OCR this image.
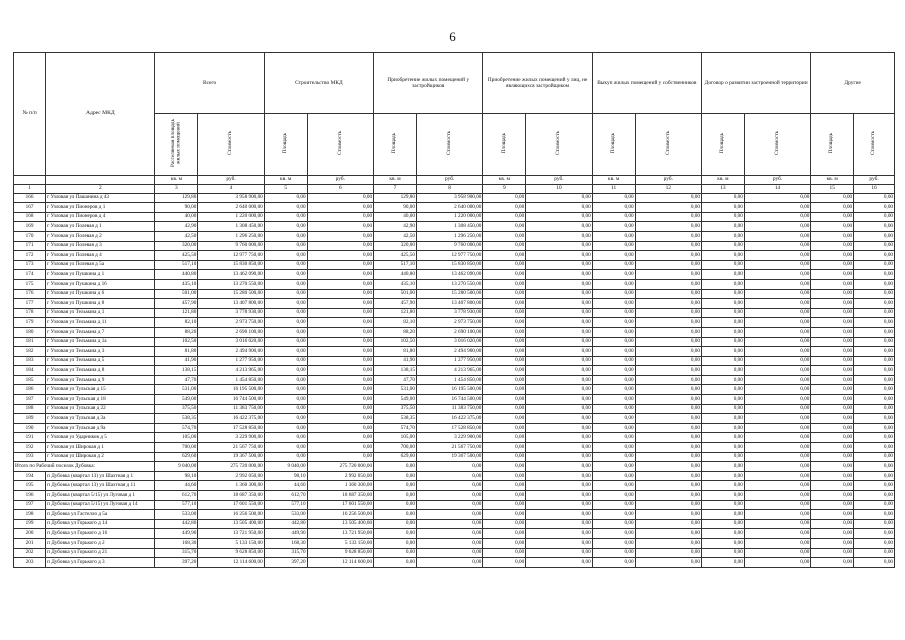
6
№ п/п	Адрес МКД	Всего		Строительство МКД		Приобретение жилых помещений у застройщиков		Приобретение жилых помещений у лиц, не являющихся застройщиком		Выкуп жилых помещений у собственников		Договор о развитии застроенной территории		Другие	
		Расселяемая площадь жилых помещений	Стоимость	Площадь	Стоимость	Площадь	Стоимость	Площадь	Стоимость	Площадь	Стоимость	Площадь	Стоимость	Площадь	Стоимость
		кв. м	руб.	кв. м	руб.	кв. м	руб.	кв. м	руб.	кв. м	руб.	кв. м	руб.	кв. м	руб.
1	2	3	4	5	6	7	8	9	10	11	12	13	14	15	16
166	г Узловая ул Пашанина д 43	129,80	3 958 900,00	0,00	0,00	129,80	3 958 900,00	0,00	0,00	0,00	0,00	0,00	0,00	0,00	0,00
167	г Узловая ул Пионеров д 1	90,00	2 640 000,00	0,00	0,00	90,00	2 640 000,00	0,00	0,00	0,00	0,00	0,00	0,00	0,00	0,00
168	г Узловая ул Пионеров д 4	40,00	1 220 000,00	0,00	0,00	40,00	1 220 000,00	0,00	0,00	0,00	0,00	0,00	0,00	0,00	0,00
169	г Узловая ул Полевая д 1	42,90	1 308 450,00	0,00	0,00	42,90	1 308 450,00	0,00	0,00	0,00	0,00	0,00	0,00	0,00	0,00
170	г Узловая ул Полевая д 2	42,50	1 296 250,00	0,00	0,00	42,50	1 296 250,00	0,00	0,00	0,00	0,00	0,00	0,00	0,00	0,00
171	г Узловая ул Полевая д 3	320,00	9 760 000,00	0,00	0,00	320,00	9 760 000,00	0,00	0,00	0,00	0,00	0,00	0,00	0,00	0,00
172	г Узловая ул Полевая д 4	425,50	12 977 750,00	0,00	0,00	425,50	12 977 750,00	0,00	0,00	0,00	0,00	0,00	0,00	0,00	0,00
173	г Узловая ул Полевая д 5а	517,10	15 830 850,00	0,00	0,00	517,10	15 830 850,00	0,00	0,00	0,00	0,00	0,00	0,00	0,00	0,00
174	г Узловая ул Пушкина д 1	440,80	13 462 090,00	0,00	0,00	440,80	13 462 090,00	0,00	0,00	0,00	0,00	0,00	0,00	0,00	0,00
175	г Узловая ул Пушкина д 16	435,10	13 270 550,00	0,00	0,00	435,10	13 270 550,00	0,00	0,00	0,00	0,00	0,00	0,00	0,00	0,00
176	г Узловая ул Пушкина д 6	501,00	15 280 500,00	0,00	0,00	501,00	15 280 500,00	0,00	0,00	0,00	0,00	0,00	0,00	0,00	0,00
177	г Узловая ул Пушкина д 8	457,90	13 407 800,00	0,00	0,00	457,90	13 407 800,00	0,00	0,00	0,00	0,00	0,00	0,00	0,00	0,00
178	г Узловая ул Тельмана д 1	121,80	3 778 930,00	0,00	0,00	121,80	3 778 930,00	0,00	0,00	0,00	0,00	0,00	0,00	0,00	0,00
179	г Узловая ул Тельмана д 11	82,10	2 973 750,00	0,00	0,00	82,10	2 973 750,00	0,00	0,00	0,00	0,00	0,00	0,00	0,00	0,00
180	г Узловая ул Тельмана д 7	88,20	2 690 100,00	0,00	0,00	88,20	2 690 100,00	0,00	0,00	0,00	0,00	0,00	0,00	0,00	0,00
181	г Узловая ул Тельмана д 1а	102,50	3 016 020,00	0,00	0,00	102,50	3 016 020,00	0,00	0,00	0,00	0,00	0,00	0,00	0,00	0,00
182	г Узловая ул Тельмана д 3	81,80	2 494 900,00	0,00	0,00	81,80	2 494 900,00	0,00	0,00	0,00	0,00	0,00	0,00	0,00	0,00
183	г Узловая ул Тельмана д 5	41,90	1 277 950,00	0,00	0,00	41,90	1 277 950,00	0,00	0,00	0,00	0,00	0,00	0,00	0,00	0,00
184	г Узловая ул Тельмана д 8	138,15	4 213 965,00	0,00	0,00	138,15	4 213 965,00	0,00	0,00	0,00	0,00	0,00	0,00	0,00	0,00
185	г Узловая ул Тельмана д 9	47,70	1 454 850,00	0,00	0,00	47,70	1 454 850,00	0,00	0,00	0,00	0,00	0,00	0,00	0,00	0,00
186	г Узловая ул Тульская д 15	531,00	16 195 500,00	0,00	0,00	531,00	16 195 500,00	0,00	0,00	0,00	0,00	0,00	0,00	0,00	0,00
187	г Узловая ул Тульская д 18	549,00	16 744 500,00	0,00	0,00	549,00	16 744 500,00	0,00	0,00	0,00	0,00	0,00	0,00	0,00	0,00
188	г Узловая ул Тульская д 22	375,50	11 383 750,00	0,00	0,00	375,50	11 383 750,00	0,00	0,00	0,00	0,00	0,00	0,00	0,00	0,00
189	г Узловая ул Тульская д 3а	538,35	16 422 375,00	0,00	0,00	538,35	16 422 375,00	0,00	0,00	0,00	0,00	0,00	0,00	0,00	0,00
190	г Узловая ул Тульская д 9а	574,70	17 528 850,00	0,00	0,00	574,70	17 528 850,00	0,00	0,00	0,00	0,00	0,00	0,00	0,00	0,00
191	г Узловая ул Ударников д 5	105,00	3 229 900,00	0,00	0,00	105,00	3 229 900,00	0,00	0,00	0,00	0,00	0,00	0,00	0,00	0,00
192	г Узловая ул Широкая д 1	700,00	21 567 750,00	0,00	0,00	700,00	21 567 750,00	0,00	0,00	0,00	0,00	0,00	0,00	0,00	0,00
193	г Узловая ул Широкая д 2	629,60	19 367 500,00	0,00	0,00	629,60	19 367 500,00	0,00	0,00	0,00	0,00	0,00	0,00	0,00	0,00
Итого по Рабочий поселок Дубовка:		9 040,00	275 720 000,00	9 040,00	275 720 000,00	0,00	0,00	0,00	0,00	0,00	0,00	0,00	0,00	0,00	0,00
194	п Дубовка (квартал 13) ул Шахтная д 1	98,10	2 992 050,00	98,10	2 992 050,00	0,00	0,00	0,00	0,00	0,00	0,00	0,00	0,00	0,00	0,00
195	п Дубовка (квартал 13) ул Шахтная д 11	44,60	1 360 300,00	44,60	1 360 300,00	0,00	0,00	0,00	0,00	0,00	0,00	0,00	0,00	0,00	0,00
196	п Дубовка (квартал 5/15) ул Луговая д 1	612,70	18 687 350,00	612,70	18 687 350,00	0,00	0,00	0,00	0,00	0,00	0,00	0,00	0,00	0,00	0,00
197	п Дубовка (квартал 5/15) ул Луговая д 14	577,10	17 601 550,00	577,10	17 601 550,00	0,00	0,00	0,00	0,00	0,00	0,00	0,00	0,00	0,00	0,00
198	п Дубовка ул Гастелло д 5а	533,00	16 256 500,00	533,00	16 256 500,00	0,00	0,00	0,00	0,00	0,00	0,00	0,00	0,00	0,00	0,00
199	п Дубовка ул Горького д 14	442,80	13 505 400,00	442,80	13 505 400,00	0,00	0,00	0,00	0,00	0,00	0,00	0,00	0,00	0,00	0,00
200	п Дубовка ул Горького д 16	449,90	13 721 950,00	449,90	13 721 950,00	0,00	0,00	0,00	0,00	0,00	0,00	0,00	0,00	0,00	0,00
201	п Дубовка ул Горького д 2	168,30	5 133 150,00	168,30	5 133 150,00	0,00	0,00	0,00	0,00	0,00	0,00	0,00	0,00	0,00	0,00
202	п Дубовка ул Горького д 21	315,70	9 628 850,00	315,70	9 628 850,00	0,00	0,00	0,00	0,00	0,00	0,00	0,00	0,00	0,00	0,00
203	п Дубовка ул Горького д 3	397,20	12 114 600,00	397,20	12 114 600,00	0,00	0,00	0,00	0,00	0,00	0,00	0,00	0,00	0,00	0,00
